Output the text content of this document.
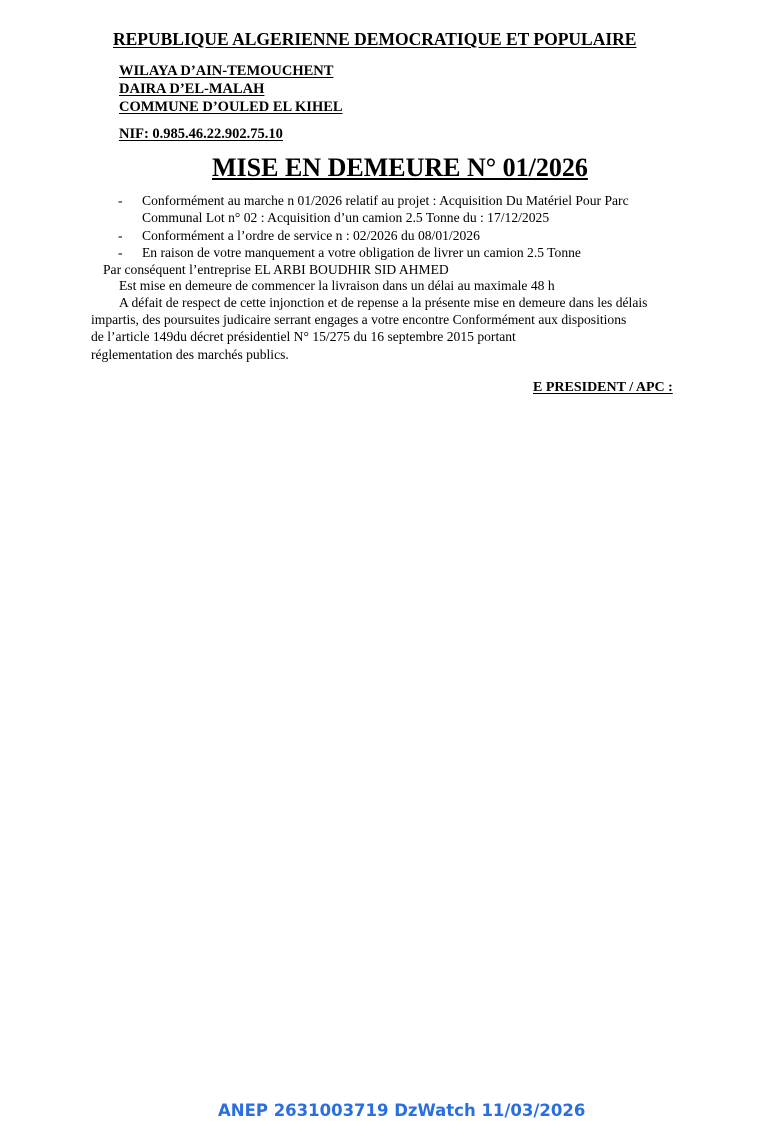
REPUBLIQUE ALGERIENNE DEMOCRATIQUE ET POPULAIRE
WILAYA D’AIN-TEMOUCHENT
DAIRA D’EL-MALAH
COMMUNE D’OULED EL KIHEL
NIF: 0.985.46.22.902.75.10
MISE EN DEMEURE N° 01/2026
- Conformément au marche n 01/2026 relatif au projet : Acquisition Du Matériel Pour Parc
Communal Lot n° 02 : Acquisition d’un camion 2.5 Tonne du : 17/12/2025
- Conformément a l’ordre de service n : 02/2026 du 08/01/2026
- En raison de votre manquement a votre obligation de livrer un camion 2.5 Tonne
Par conséquent l’entreprise EL ARBI BOUDHIR SID AHMED
Est mise en demeure de commencer la livraison dans un délai au maximale 48 h
A défait de respect de cette injonction et de repense a la présente mise en demeure dans les délais
impartis, des poursuites judicaire serrant engages a votre encontre Conformément aux dispositions
de l’article 149du décret présidentiel N° 15/275 du 16 septembre 2015 portant
réglementation des marchés publics.
E PRESIDENT / APC :
ANEP 2631003719 DzWatch 11/03/2026
